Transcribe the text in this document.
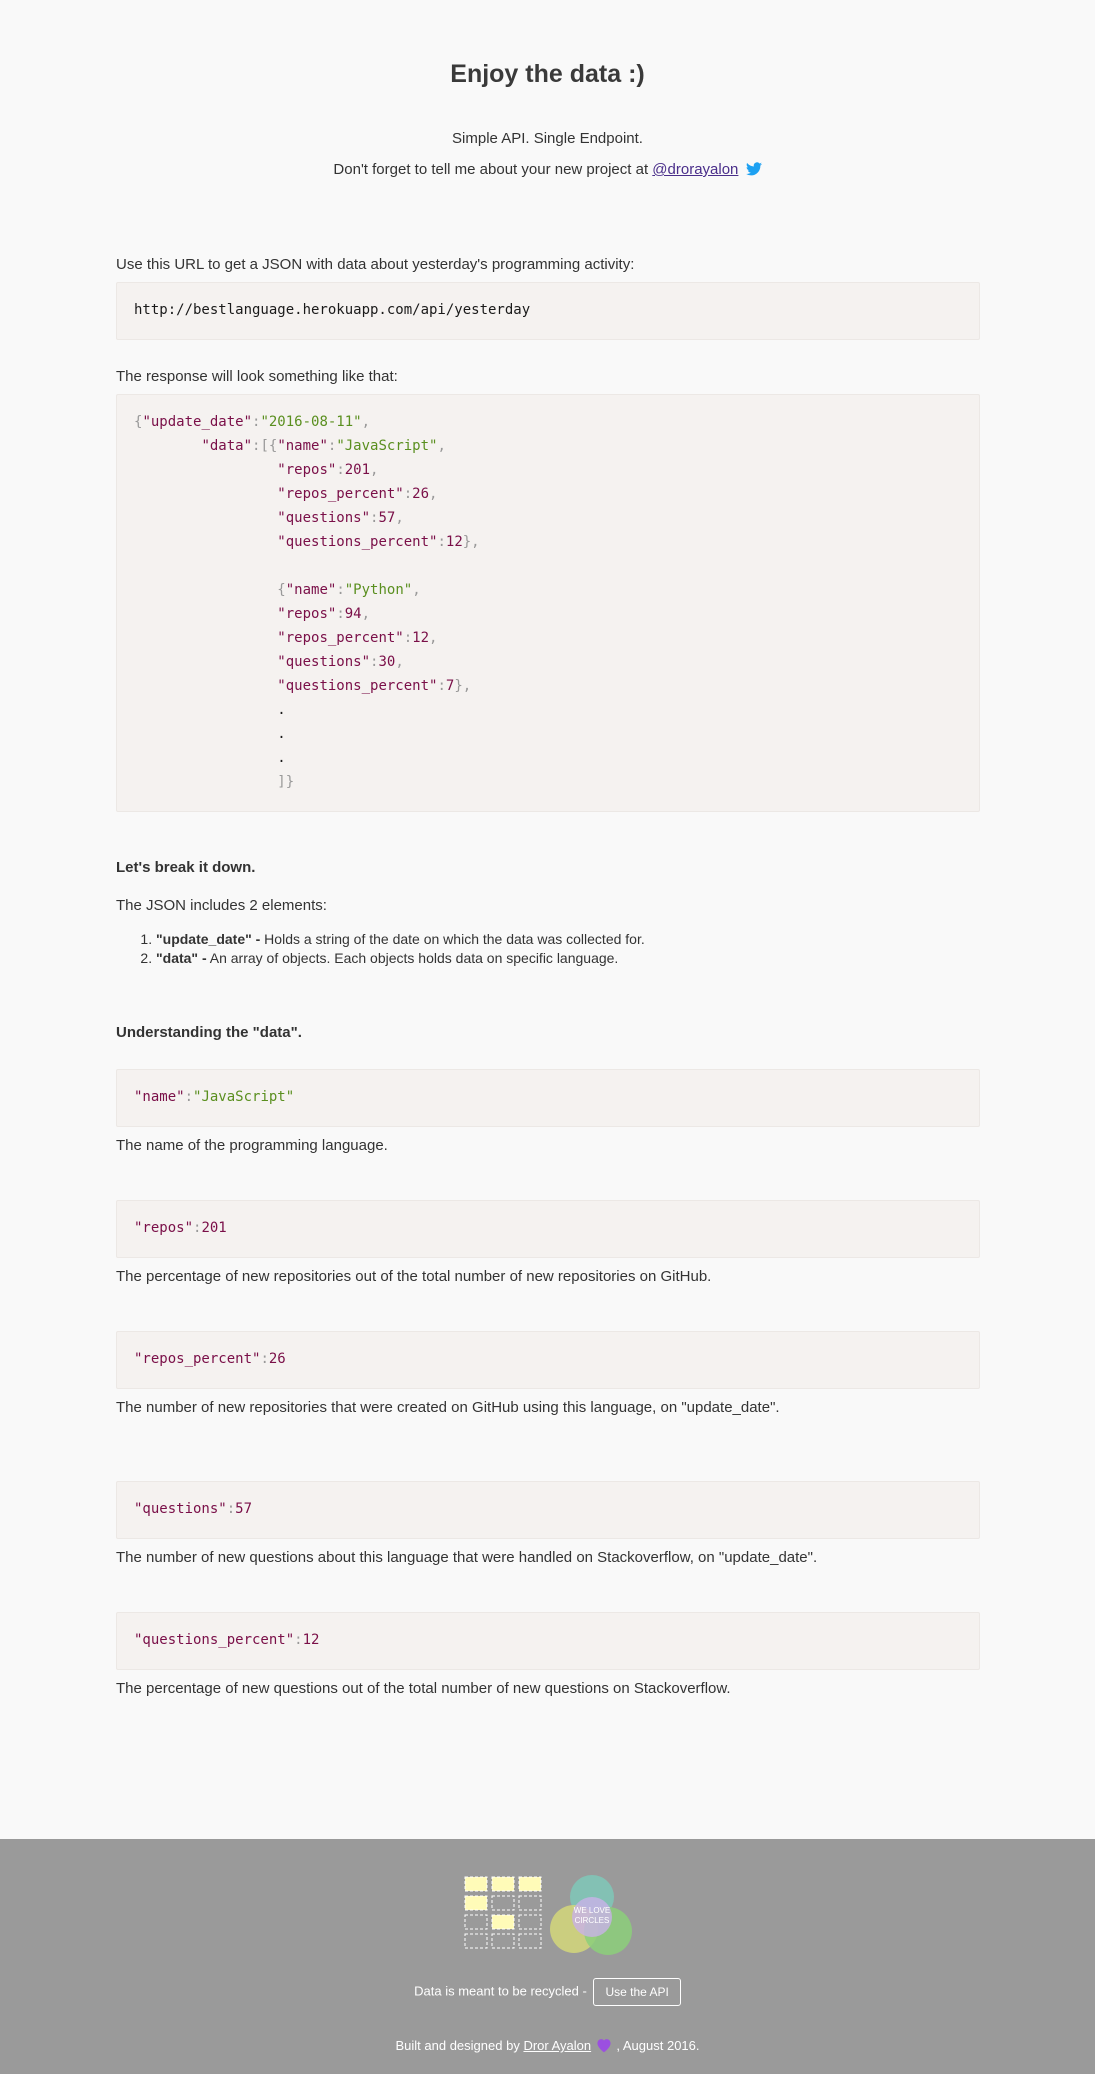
Enjoy the data :)
Simple API. Single Endpoint.
Don't forget to tell me about your new project at @drorayalon
Use this URL to get a JSON with data about yesterday's programming activity:
http://bestlanguage.herokuapp.com/api/yesterday
The response will look something like that:
{"update_date":"2016-08-11",
"data":[{"name":"JavaScript",
"repos":201,
"repos_percent":26,
"questions":57,
"questions_percent":12},
{"name":"Python",
"repos":94,
"repos_percent":12,
"questions":30,
"questions_percent":7},
.
.
.
]}
Let's break it down.
The JSON includes 2 elements:
1. "update_date" - Holds a string of the date on which the data was collected for.
2. "data" - An array of objects. Each objects holds data on specific language.
Understanding the "data".
"name":"JavaScript"
The name of the programming language.
"repos":201
The percentage of new repositories out of the total number of new repositories on GitHub.
"repos_percent":26
The number of new repositories that were created on GitHub using this language, on "update_date".
"questions":57
The number of new questions about this language that were handled on Stackoverflow, on "update_date".
"questions_percent":12
The percentage of new questions out of the total number of new questions on Stackoverflow.
WE LOVE
CIRCLES
Data is meant to be recycled - Use the API
Built and designed by Dror Ayalon , August 2016.
